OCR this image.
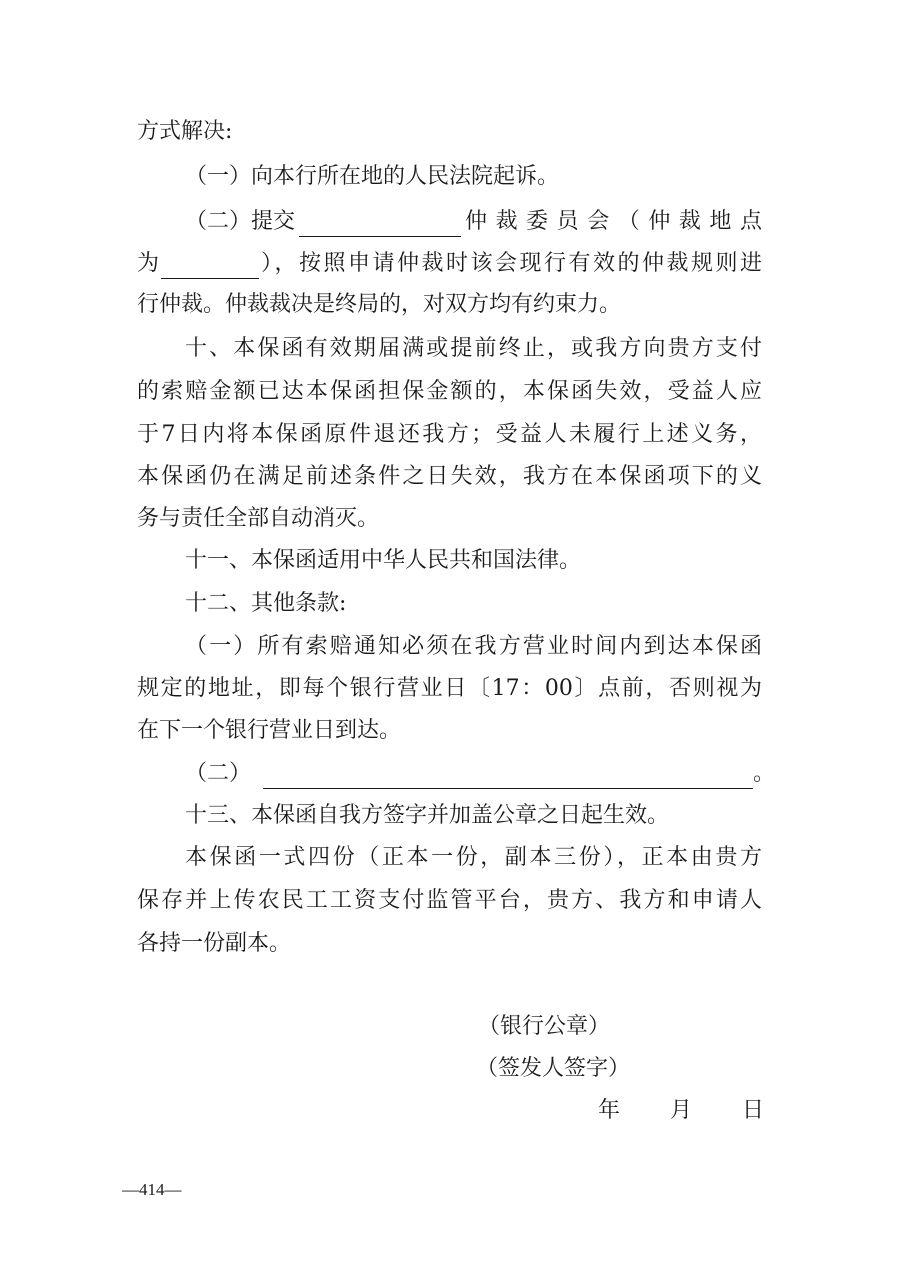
方式解决:
（一）向本行所在地的人民法院起诉。
（二）提交	仲裁委员会（仲裁地点
为	），按照申请仲裁时该会现行有效的仲裁规则进
行仲裁。仲裁裁决是终局的，对双方均有约束力。
十、本保函有效期届满或提前终止，或我方向贵方支付
的索赔金额已达本保函担保金额的，本保函失效，受益人应
于7日内将本保函原件退还我方；受益人未履行上述义务，
本保函仍在满足前述条件之日失效，我方在本保函项下的义
务与责任全部自动消灭。
十一、本保函适用中华人民共和国法律。
十二、其他条款:
（一）所有索赔通知必须在我方营业时间内到达本保函
规定的地址，即每个银行营业日〔17：00〕点前，否则视为
在下一个银行营业日到达。
（二）	。
十三、本保函自我方签字并加盖公章之日起生效。
本保函一式四份（正本一份，副本三份），正本由贵方
保存并上传农民工工资支付监管平台，贵方、我方和申请人
各持一份副本。
（银行公章）
（签发人签字）
年 月 日
—414—
